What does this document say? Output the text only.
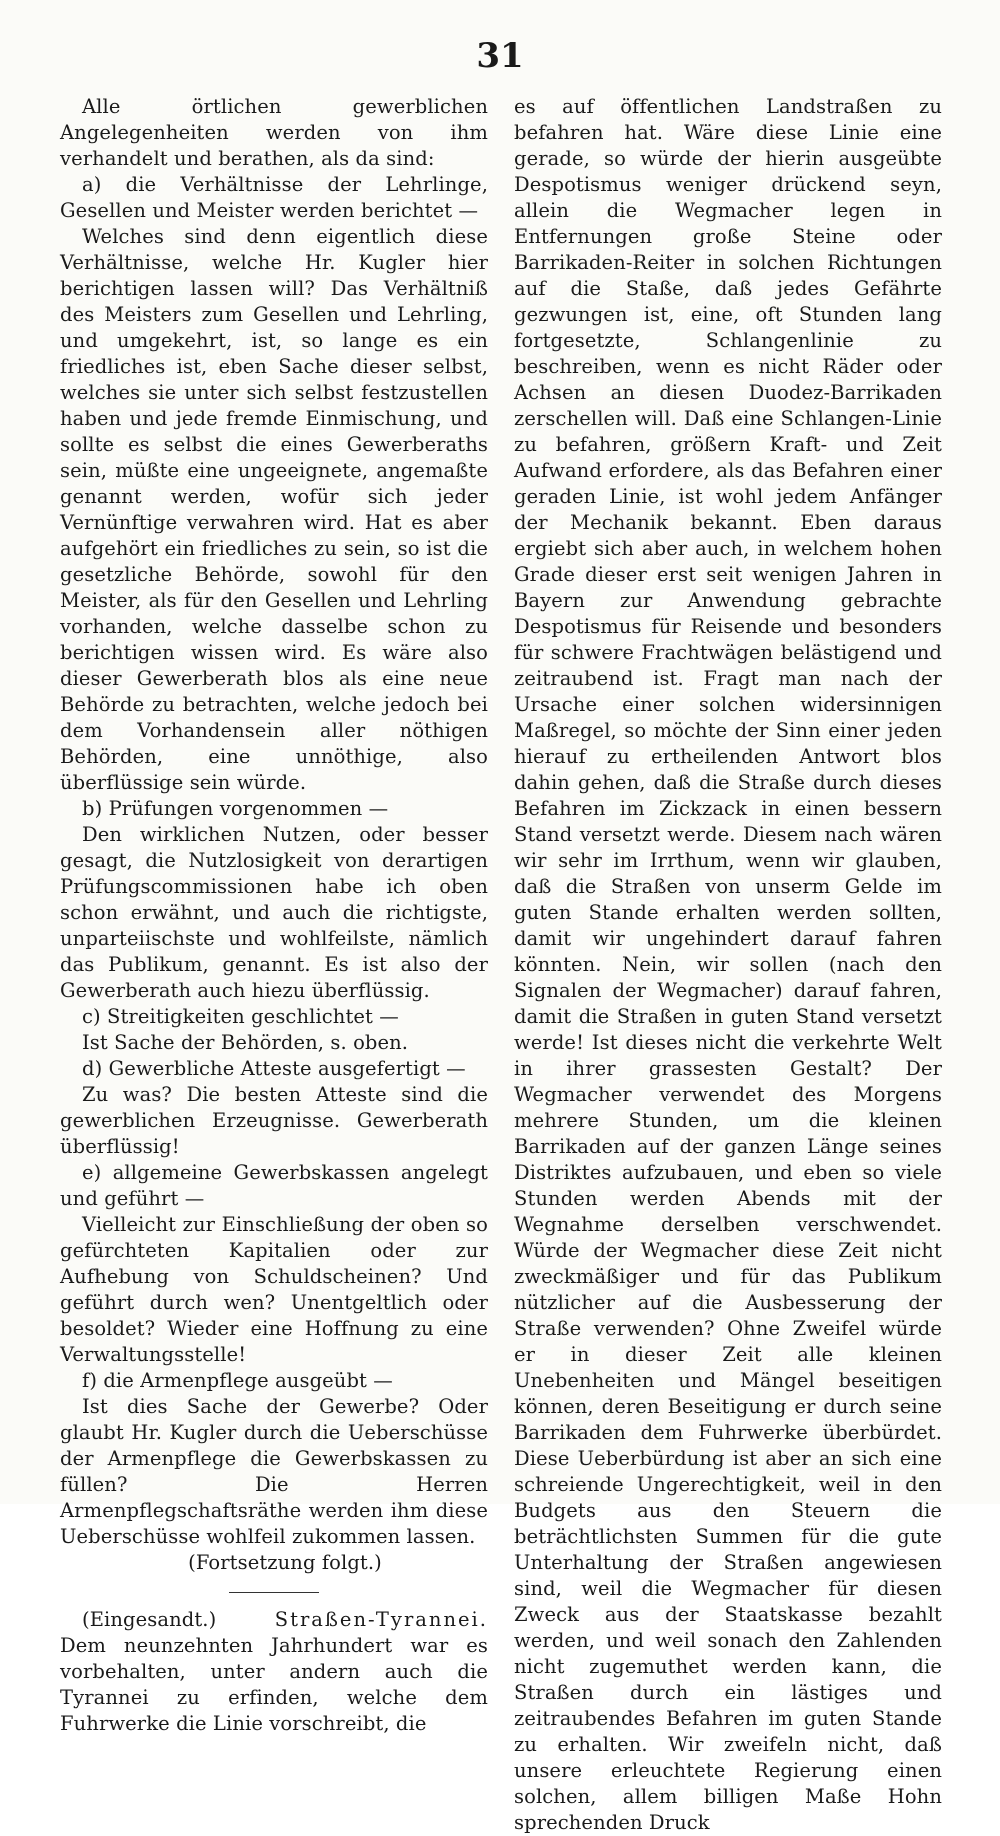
31

Alle örtlichen gewerblichen Angelegenheiten werden von ihm verhandelt und berathen, als da sind:

a) die Verhältnisse der Lehrlinge, Gesellen und Meister werden berichtet —

Welches sind denn eigentlich diese Verhältnisse, welche Hr. Kugler hier berichtigen lassen will? Das Verhältniß des Meisters zum Gesellen und Lehrling, und umgekehrt, ist, so lange es ein friedliches ist, eben Sache dieser selbst, welches sie unter sich selbst festzustellen haben und jede fremde Einmischung, und sollte es selbst die eines Gewerberaths sein, müßte eine ungeeignete, angemaßte genannt werden, wofür sich jeder Vernünftige verwahren wird. Hat es aber aufgehört ein friedliches zu sein, so ist die gesetzliche Behörde, sowohl für den Meister, als für den Gesellen und Lehrling vorhanden, welche dasselbe schon zu berichtigen wissen wird. Es wäre also dieser Gewerberath blos als eine neue Behörde zu betrachten, welche jedoch bei dem Vorhandensein aller nöthigen Behörden, eine unnöthige, also überflüssige sein würde.

b) Prüfungen vorgenommen —

Den wirklichen Nutzen, oder besser gesagt, die Nutzlosigkeit von derartigen Prüfungscommissionen habe ich oben schon erwähnt, und auch die richtigste, unparteiischste und wohlfeilste, nämlich das Publikum, genannt. Es ist also der Gewerberath auch hiezu überflüssig.

c) Streitigkeiten geschlichtet —

Ist Sache der Behörden, s. oben.

d) Gewerbliche Atteste ausgefertigt —

Zu was? Die besten Atteste sind die gewerblichen Erzeugnisse. Gewerberath überflüssig!

e) allgemeine Gewerbskassen angelegt und geführt —

Vielleicht zur Einschließung der oben so gefürchteten Kapitalien oder zur Aufhebung von Schuldscheinen? Und geführt durch wen? Unentgeltlich oder besoldet? Wieder eine Hoffnung zu eine Verwaltungsstelle!

f) die Armenpflege ausgeübt —

Ist dies Sache der Gewerbe? Oder glaubt Hr. Kugler durch die Ueberschüsse der Armenpflege die Gewerbskassen zu füllen? Die Herren Armenpflegschaftsräthe werden ihm diese Ueberschüsse wohlfeil zukommen lassen.

(Fortsetzung folgt.)

(Eingesandt.)	Straßen-Tyrannei. Dem neunzehnten Jahrhundert war es vorbehalten, unter andern auch die Tyrannei zu erfinden, welche dem Fuhrwerke die Linie vorschreibt, die

es auf öffentlichen Landstraßen zu befahren hat. Wäre diese Linie eine gerade, so würde der hierin ausgeübte Despotismus weniger drückend seyn, allein die Wegmacher legen in Entfernungen große Steine oder Barrikaden-Reiter in solchen Richtungen auf die Staße, daß jedes Gefährte gezwungen ist, eine, oft Stunden lang fortgesetzte, Schlangenlinie zu beschreiben, wenn es nicht Räder oder Achsen an diesen Duodez-Barrikaden zerschellen will. Daß eine Schlangen-Linie zu befahren, größern Kraft- und Zeit Aufwand erfordere, als das Befahren einer geraden Linie, ist wohl jedem Anfänger der Mechanik bekannt. Eben daraus ergiebt sich aber auch, in welchem hohen Grade dieser erst seit wenigen Jahren in Bayern zur Anwendung gebrachte Despotismus für Reisende und besonders für schwere Frachtwägen belästigend und zeitraubend ist. Fragt man nach der Ursache einer solchen widersinnigen Maßregel, so möchte der Sinn einer jeden hierauf zu ertheilenden Antwort blos dahin gehen, daß die Straße durch dieses Befahren im Zickzack in einen bessern Stand versetzt werde. Diesem nach wären wir sehr im Irrthum, wenn wir glauben, daß die Straßen von unserm Gelde im guten Stande erhalten werden sollten, damit wir ungehindert darauf fahren könnten. Nein, wir sollen (nach den Signalen der Wegmacher) darauf fahren, damit die Straßen in guten Stand versetzt werde! Ist dieses nicht die verkehrte Welt in ihrer grassesten Gestalt? Der Wegmacher verwendet des Morgens mehrere Stunden, um die kleinen Barrikaden auf der ganzen Länge seines Distriktes aufzubauen, und eben so viele Stunden werden Abends mit der Wegnahme derselben verschwendet. Würde der Wegmacher diese Zeit nicht zweckmäßiger und für das Publikum nützlicher auf die Ausbesserung der Straße verwenden? Ohne Zweifel würde er in dieser Zeit alle kleinen Unebenheiten und Mängel beseitigen können, deren Beseitigung er durch seine Barrikaden dem Fuhrwerke überbürdet. Diese Ueberbürdung ist aber an sich eine schreiende Ungerechtigkeit, weil in den Budgets aus den Steuern die beträchtlichsten Summen für die gute Unterhaltung der Straßen angewiesen sind, weil die Wegmacher für diesen Zweck aus der Staatskasse bezahlt werden, und weil sonach den Zahlenden nicht zugemuthet werden kann, die Straßen durch ein lästiges und zeitraubendes Befahren im guten Stande zu erhalten. Wir zweifeln nicht, daß unsere erleuchtete Regierung einen solchen, allem billigen Maße Hohn sprechenden Druck
